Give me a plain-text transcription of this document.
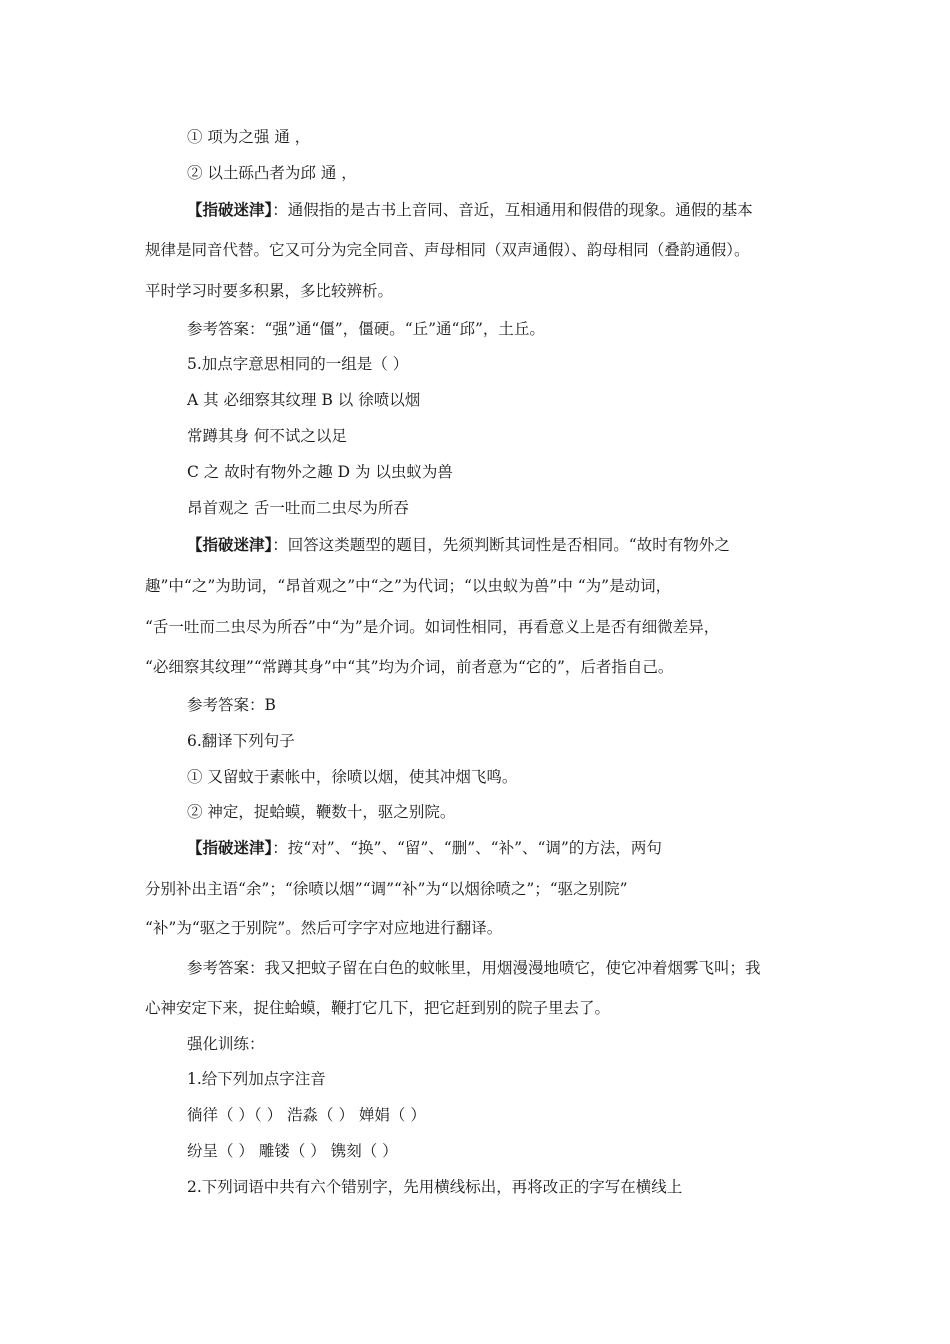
① 项为之强 通 ，
② 以土砾凸者为邱 通 ，
【指破迷津】：通假指的是古书上音同、音近，互相通用和假借的现象。通假的基本
规律是同音代替。它又可分为完全同音、声母相同（双声通假）、韵母相同（叠韵通假）。
平时学习时要多积累，多比较辨析。
参考答案：“强”通“僵”，僵硬。“丘”通“邱”，土丘。
5.加点字意思相同的一组是（ ）
A 其 必细察其纹理 B 以 徐喷以烟
常蹲其身 何不试之以足
C 之 故时有物外之趣 D 为 以虫蚁为兽
昂首观之 舌一吐而二虫尽为所吞
【指破迷津】：回答这类题型的题目，先须判断其词性是否相同。“故时有物外之
趣”中“之”为助词，“昂首观之”中“之”为代词；“以虫蚁为兽”中 “为”是动词，
“舌一吐而二虫尽为所吞”中“为”是介词。如词性相同，再看意义上是否有细微差异，
“必细察其纹理”“常蹲其身”中“其”均为介词，前者意为“它的”，后者指自己。
参考答案：B
6.翻译下列句子
① 又留蚊于素帐中，徐喷以烟，使其冲烟飞鸣。
② 神定，捉蛤蟆，鞭数十，驱之别院。
【指破迷津】：按“对”、“换”、“留”、“删”、“补”、“调”的方法，两句
分别补出主语“余”；“徐喷以烟”“调”“补”为“以烟徐喷之”；“驱之别院”
“补”为“驱之于别院”。然后可字字对应地进行翻译。
参考答案：我又把蚊子留在白色的蚊帐里，用烟漫漫地喷它，使它冲着烟雾飞叫；我
心神安定下来，捉住蛤蟆，鞭打它几下，把它赶到别的院子里去了。
强化训练：
1.给下列加点字注音
徜徉（ ）（ ） 浩淼（ ） 婵娟（ ）
纷呈（ ） 雕镂（ ） 镌刻（ ）
2.下列词语中共有六个错别字，先用横线标出，再将改正的字写在横线上
